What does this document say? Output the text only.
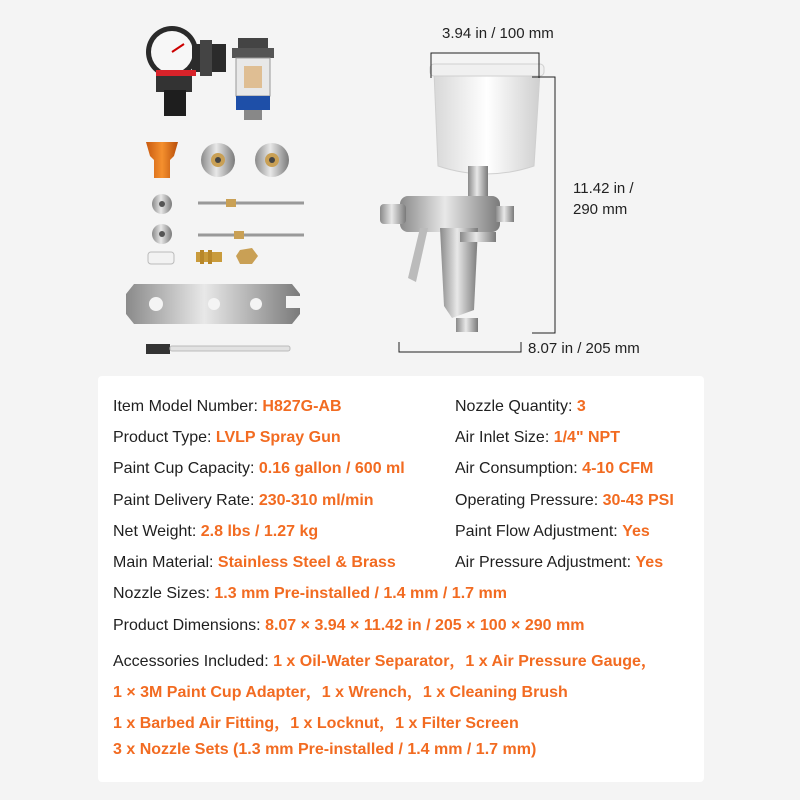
3.94 in / 100 mm
11.42 in /
290 mm
8.07 in / 205 mm
Item Model Number: H827G-AB
Product Type: LVLP Spray Gun
Paint Cup Capacity: 0.16 gallon / 600 ml
Paint Delivery Rate: 230-310 ml/min
Net Weight: 2.8 lbs / 1.27 kg
Main Material: Stainless Steel & Brass
Nozzle Quantity: 3
Air Inlet Size: 1/4" NPT
Air Consumption: 4-10 CFM
Operating Pressure: 30-43 PSI
Paint Flow Adjustment: Yes
Air Pressure Adjustment: Yes
Nozzle Sizes: 1.3 mm Pre-installed / 1.4 mm / 1.7 mm
Product Dimensions: 8.07 × 3.94 × 11.42 in / 205 × 100 × 290 mm
Accessories Included: 1 x Oil-Water Separator，1 x Air Pressure Gauge，
1 × 3M Paint Cup Adapter，1 x Wrench，1 x Cleaning Brush
1 x Barbed Air Fitting，1 x Locknut，1 x Filter Screen
3 x Nozzle Sets (1.3 mm Pre-installed / 1.4 mm / 1.7 mm)
